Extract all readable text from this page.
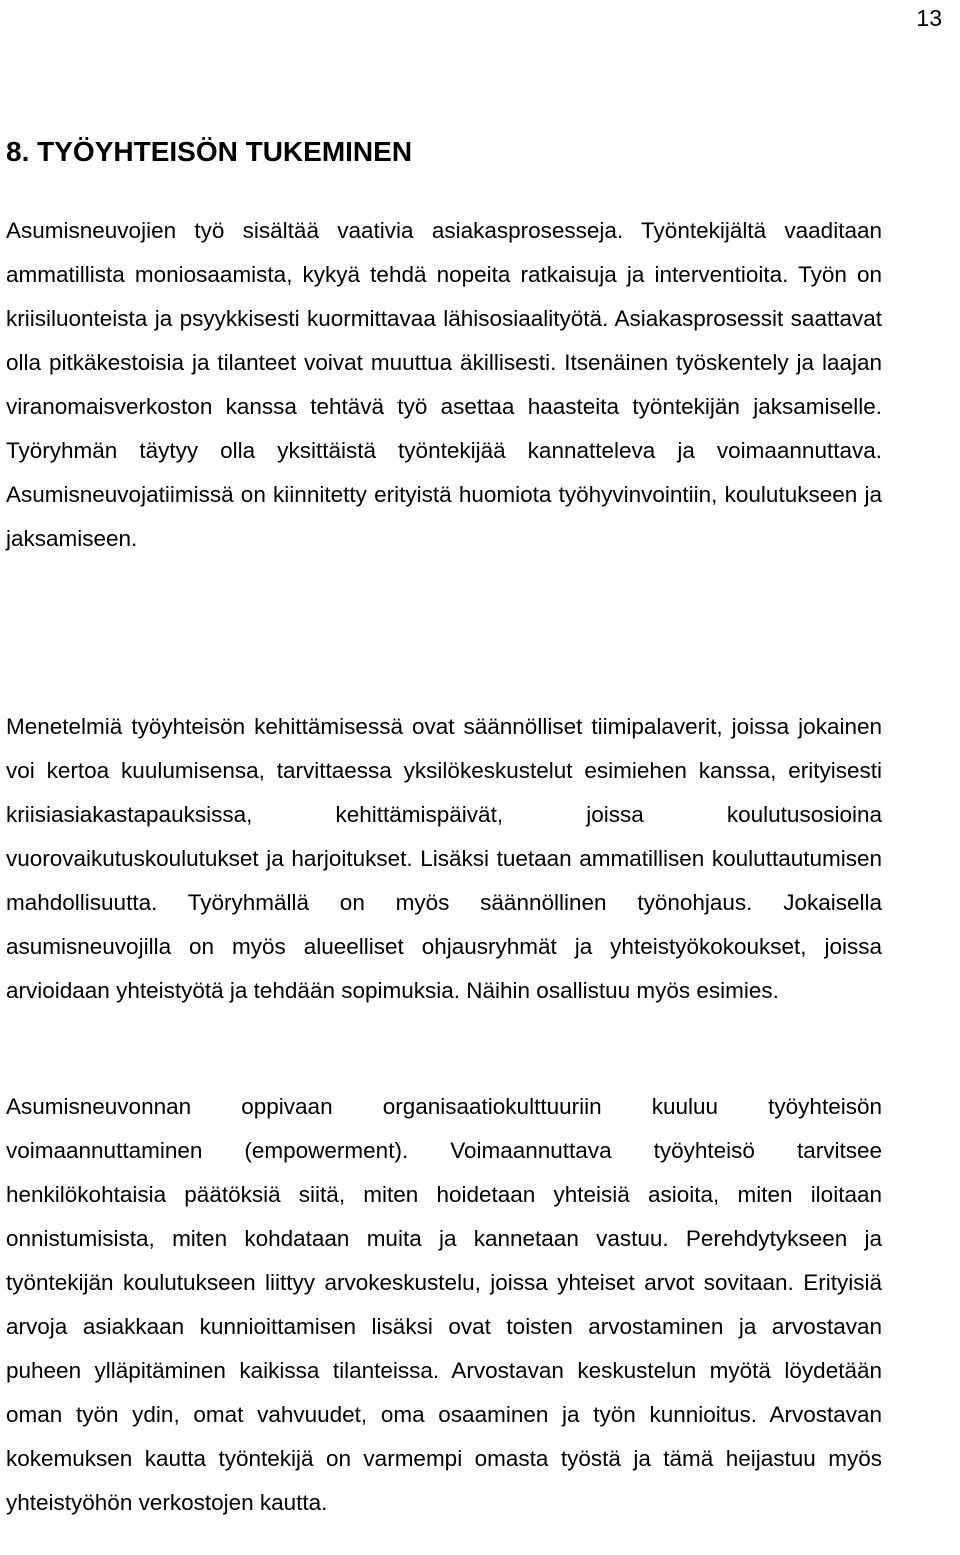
13
8. TYÖYHTEISÖN TUKEMINEN

Asumisneuvojien työ sisältää vaativia asiakasprosesseja. Työntekijältä vaaditaan ammatillista moniosaamista, kykyä tehdä nopeita ratkaisuja ja interventioita. Työn on kriisiluonteista ja psyykkisesti kuormittavaa lähisosiaalityötä. Asiakasprosessit saattavat olla pitkäkestoisia ja tilanteet voivat muuttua äkillisesti. Itsenäinen työskentely ja laajan viranomaisverkoston kanssa tehtävä työ asettaa haasteita työntekijän jaksamiselle. Työryhmän täytyy olla yksittäistä työntekijää kannatteleva ja voimaannuttava. Asumisneuvojatiimissä on kiinnitetty erityistä huomiota työhyvinvointiin, koulutukseen ja jaksamiseen.

Menetelmiä työyhteisön kehittämisessä ovat säännölliset tiimipalaverit, joissa jokainen voi kertoa kuulumisensa, tarvittaessa yksilökeskustelut esimiehen kanssa, erityisesti kriisiasiakastapauksissa, kehittämispäivät, joissa koulutusosioina vuorovaikutuskoulutukset ja harjoitukset. Lisäksi tuetaan ammatillisen kouluttautumisen mahdollisuutta. Työryhmällä on myös säännöllinen työnohjaus. Jokaisella asumisneuvojilla on myös alueelliset ohjausryhmät ja yhteistyökokoukset, joissa arvioidaan yhteistyötä ja tehdään sopimuksia. Näihin osallistuu myös esimies.

Asumisneuvonnan oppivaan organisaatiokulttuuriin kuuluu työyhteisön voimaannuttaminen (empowerment). Voimaannuttava työyhteisö tarvitsee henkilökohtaisia päätöksiä siitä, miten hoidetaan yhteisiä asioita, miten iloitaan onnistumisista, miten kohdataan muita ja kannetaan vastuu. Perehdytykseen ja työntekijän koulutukseen liittyy arvokeskustelu, joissa yhteiset arvot sovitaan. Erityisiä arvoja asiakkaan kunnioittamisen lisäksi ovat toisten arvostaminen ja arvostavan puheen ylläpitäminen kaikissa tilanteissa. Arvostavan keskustelun myötä löydetään oman työn ydin, omat vahvuudet, oma osaaminen ja työn kunnioitus. Arvostavan kokemuksen kautta työntekijä on varmempi omasta työstä ja tämä heijastuu myös yhteistyöhön verkostojen kautta.
